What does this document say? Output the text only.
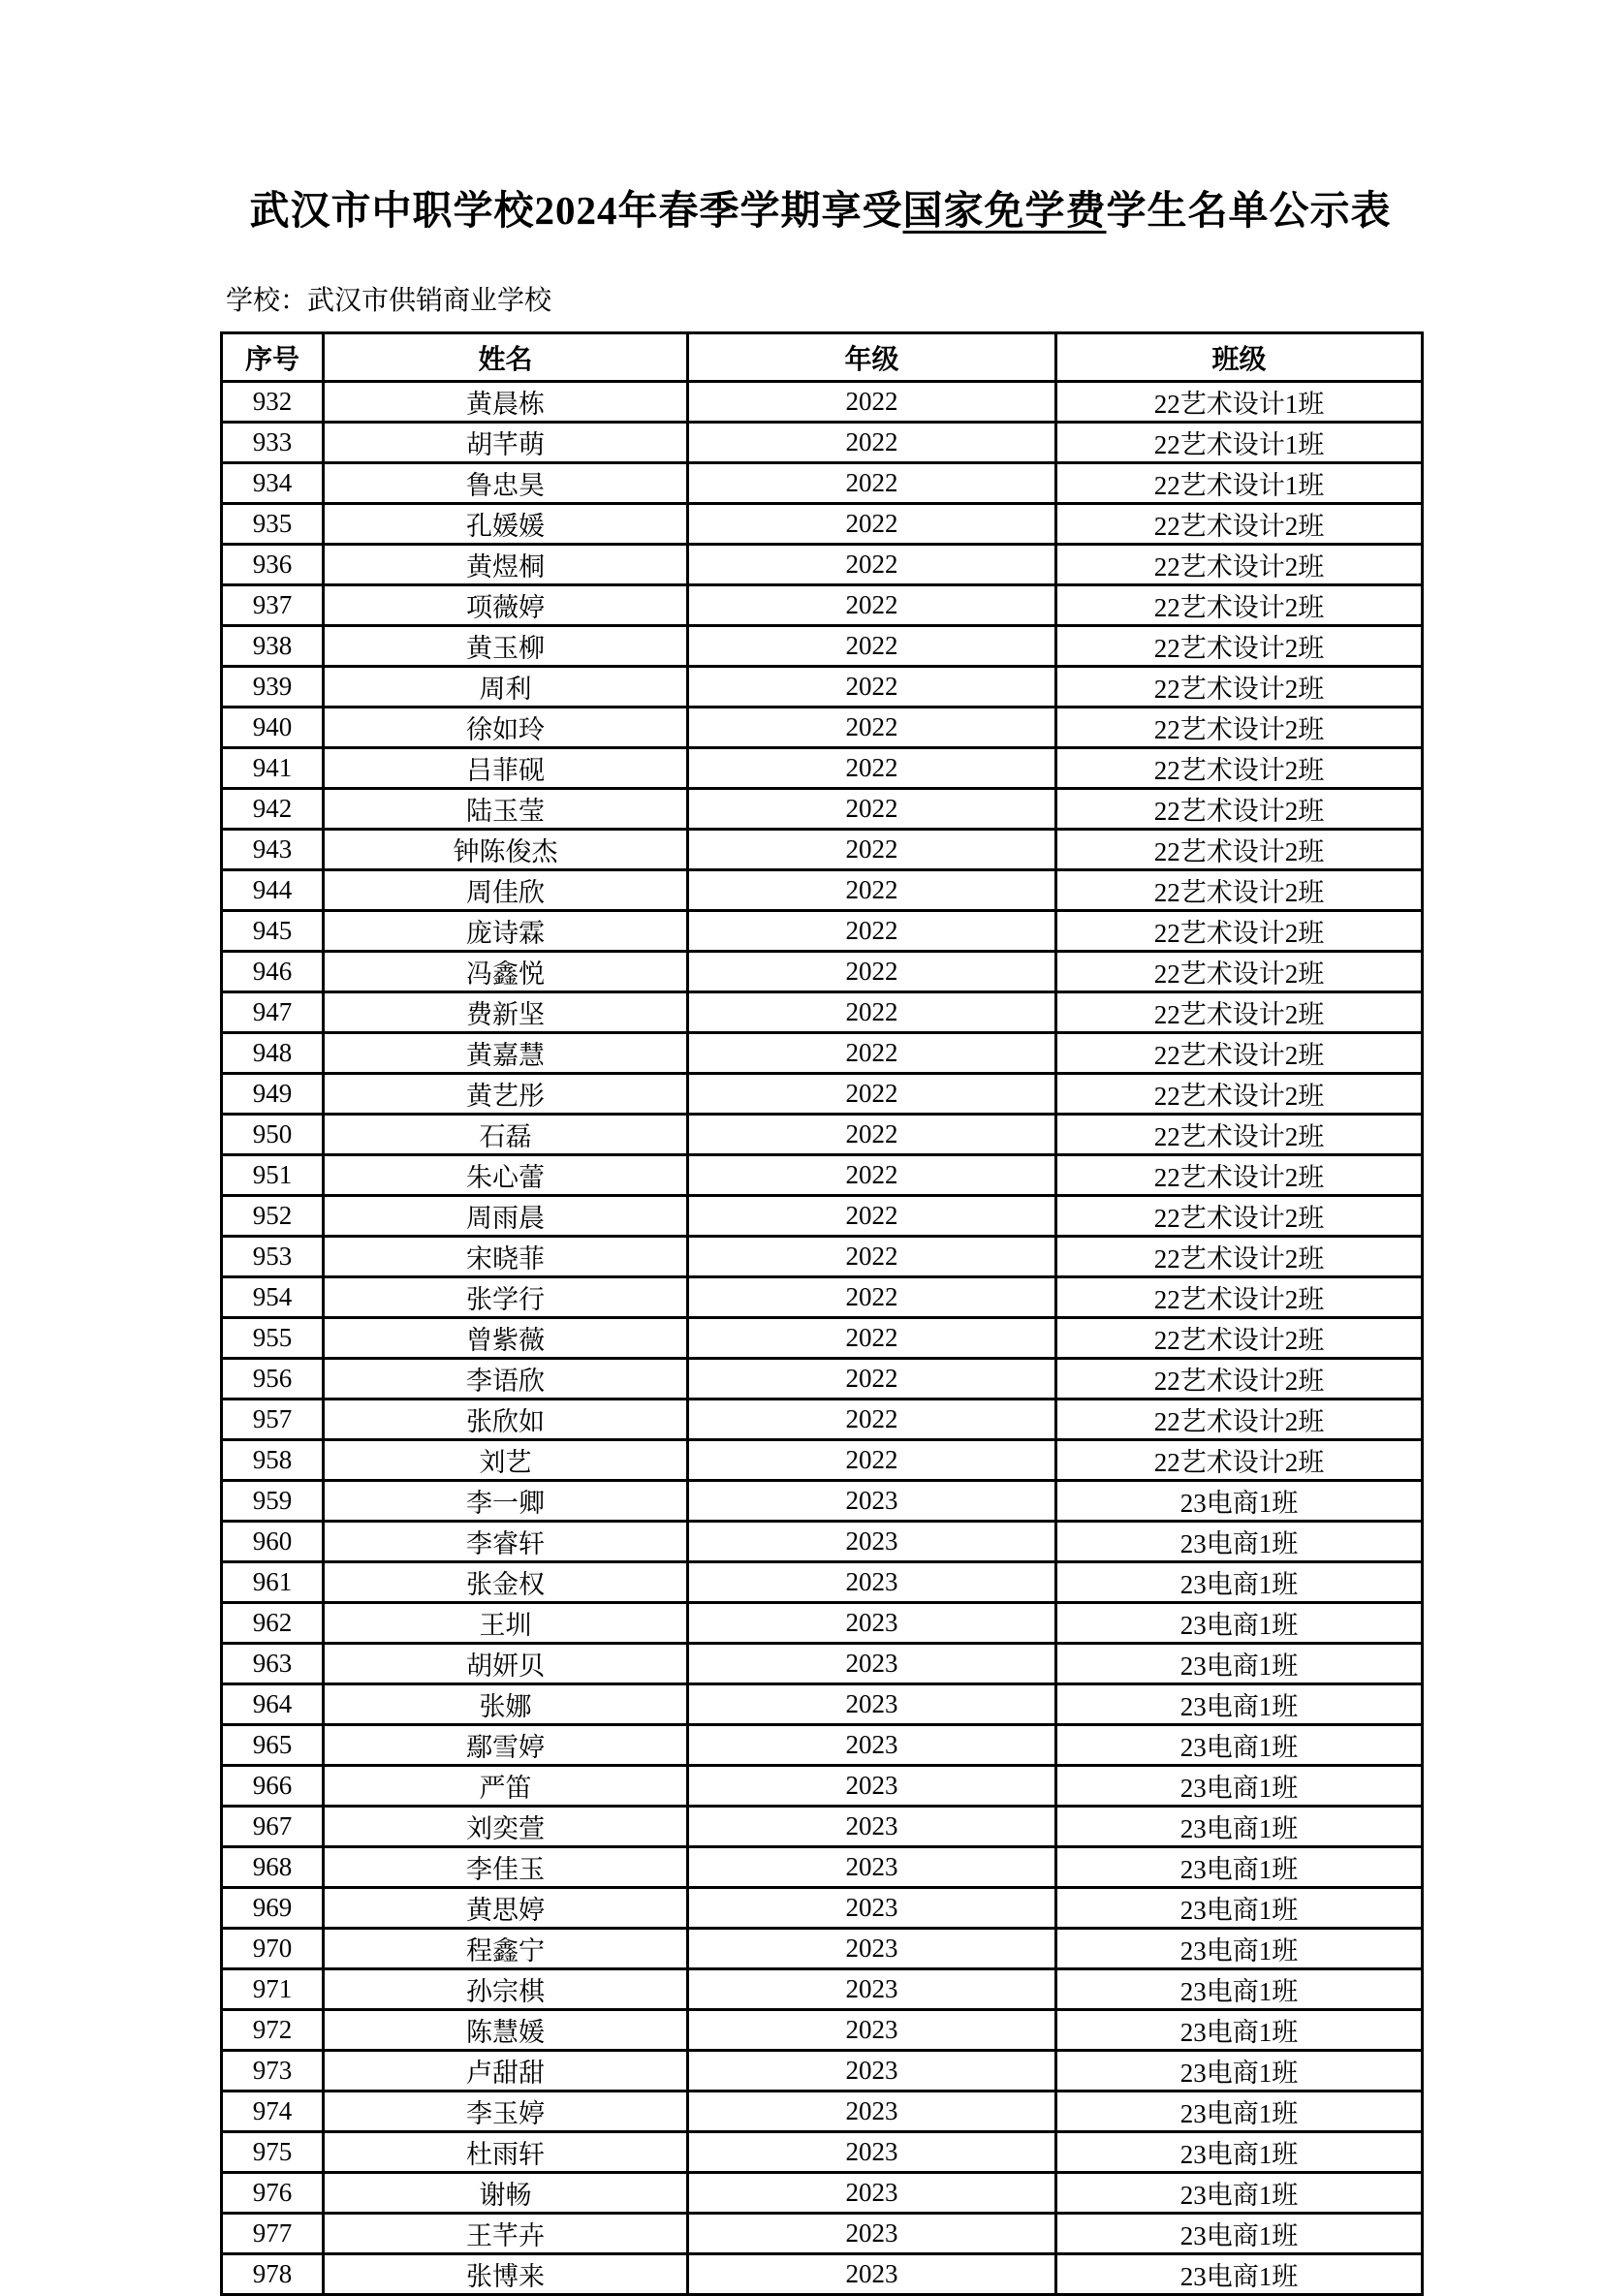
武汉市中职学校2024年春季学期享受国家免学费学生名单公示表
学校：武汉市供销商业学校
序号	姓名	年级	班级
932	黄晨栋	2022	22艺术设计1班
933	胡芊萌	2022	22艺术设计1班
934	鲁忠昊	2022	22艺术设计1班
935	孔媛媛	2022	22艺术设计2班
936	黄煜桐	2022	22艺术设计2班
937	项薇婷	2022	22艺术设计2班
938	黄玉柳	2022	22艺术设计2班
939	周利	2022	22艺术设计2班
940	徐如玲	2022	22艺术设计2班
941	吕菲砚	2022	22艺术设计2班
942	陆玉莹	2022	22艺术设计2班
943	钟陈俊杰	2022	22艺术设计2班
944	周佳欣	2022	22艺术设计2班
945	庞诗霖	2022	22艺术设计2班
946	冯鑫悦	2022	22艺术设计2班
947	费新坚	2022	22艺术设计2班
948	黄嘉慧	2022	22艺术设计2班
949	黄艺彤	2022	22艺术设计2班
950	石磊	2022	22艺术设计2班
951	朱心蕾	2022	22艺术设计2班
952	周雨晨	2022	22艺术设计2班
953	宋晓菲	2022	22艺术设计2班
954	张学行	2022	22艺术设计2班
955	曾紫薇	2022	22艺术设计2班
956	李语欣	2022	22艺术设计2班
957	张欣如	2022	22艺术设计2班
958	刘艺	2022	22艺术设计2班
959	李一卿	2023	23电商1班
960	李睿轩	2023	23电商1班
961	张金权	2023	23电商1班
962	王圳	2023	23电商1班
963	胡妍贝	2023	23电商1班
964	张娜	2023	23电商1班
965	鄢雪婷	2023	23电商1班
966	严笛	2023	23电商1班
967	刘奕萱	2023	23电商1班
968	李佳玉	2023	23电商1班
969	黄思婷	2023	23电商1班
970	程鑫宁	2023	23电商1班
971	孙宗棋	2023	23电商1班
972	陈慧媛	2023	23电商1班
973	卢甜甜	2023	23电商1班
974	李玉婷	2023	23电商1班
975	杜雨轩	2023	23电商1班
976	谢畅	2023	23电商1班
977	王芊卉	2023	23电商1班
978	张博来	2023	23电商1班
